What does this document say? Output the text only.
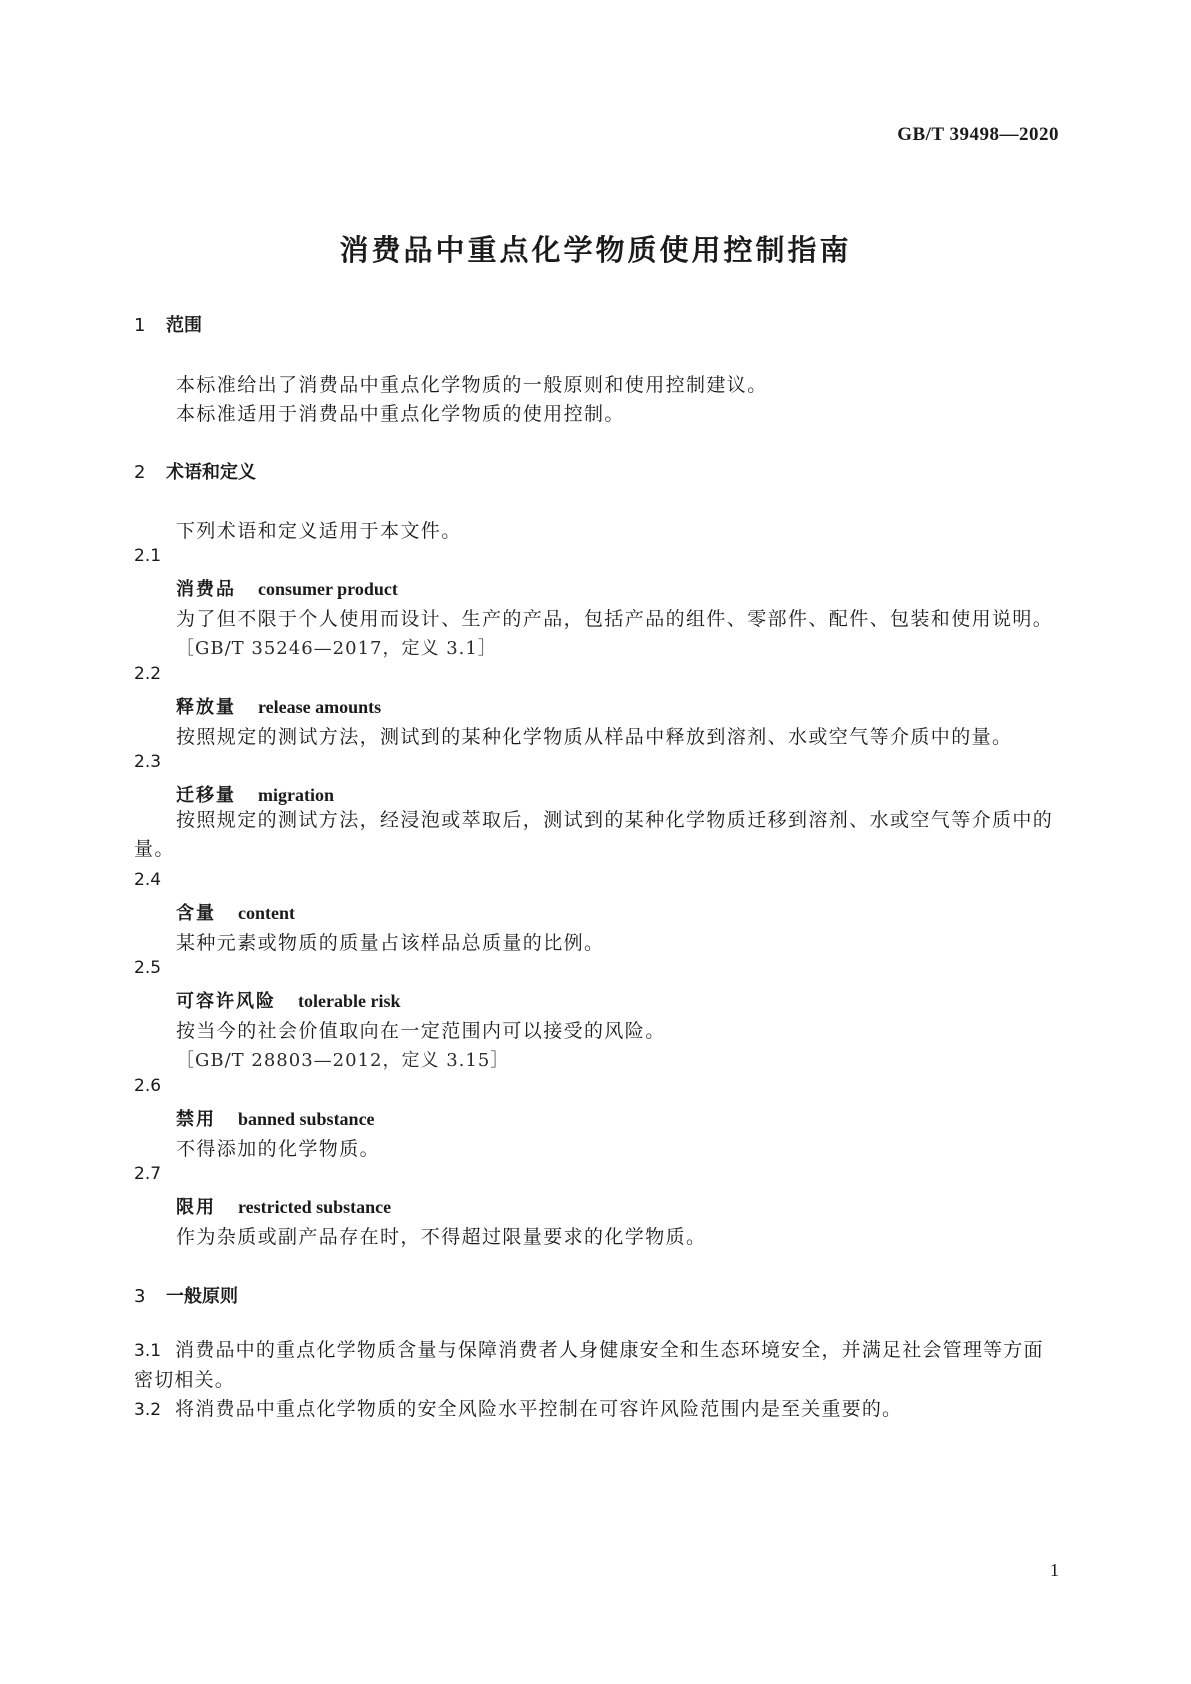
GB/T 39498—2020

消费品中重点化学物质使用控制指南
1 范围

本标准给出了消费品中重点化学物质的一般原则和使用控制建议。

本标准适用于消费品中重点化学物质的使用控制。

2 术语和定义

下列术语和定义适用于本文件。

2.1

消费品 consumer product

为了但不限于个人使用而设计、生产的产品，包括产品的组件、零部件、配件、包装和使用说明。

［GB/T 35246—2017，定义 3.1］

2.2

释放量 release amounts

按照规定的测试方法，测试到的某种化学物质从样品中释放到溶剂、水或空气等介质中的量。

2.3

迁移量 migration

按照规定的测试方法，经浸泡或萃取后，测试到的某种化学物质迁移到溶剂、水或空气等介质中的量。

2.4

含量 content

某种元素或物质的质量占该样品总质量的比例。

2.5

可容许风险 tolerable risk

按当今的社会价值取向在一定范围内可以接受的风险。

［GB/T 28803—2012，定义 3.15］

2.6

禁用 banned substance

不得添加的化学物质。

2.7

限用 restricted substance

作为杂质或副产品存在时，不得超过限量要求的化学物质。

3 一般原则

3.1 消费品中的重点化学物质含量与保障消费者人身健康安全和生态环境安全，并满足社会管理等方面密切相关。

3.2 将消费品中重点化学物质的安全风险水平控制在可容许风险范围内是至关重要的。

1
